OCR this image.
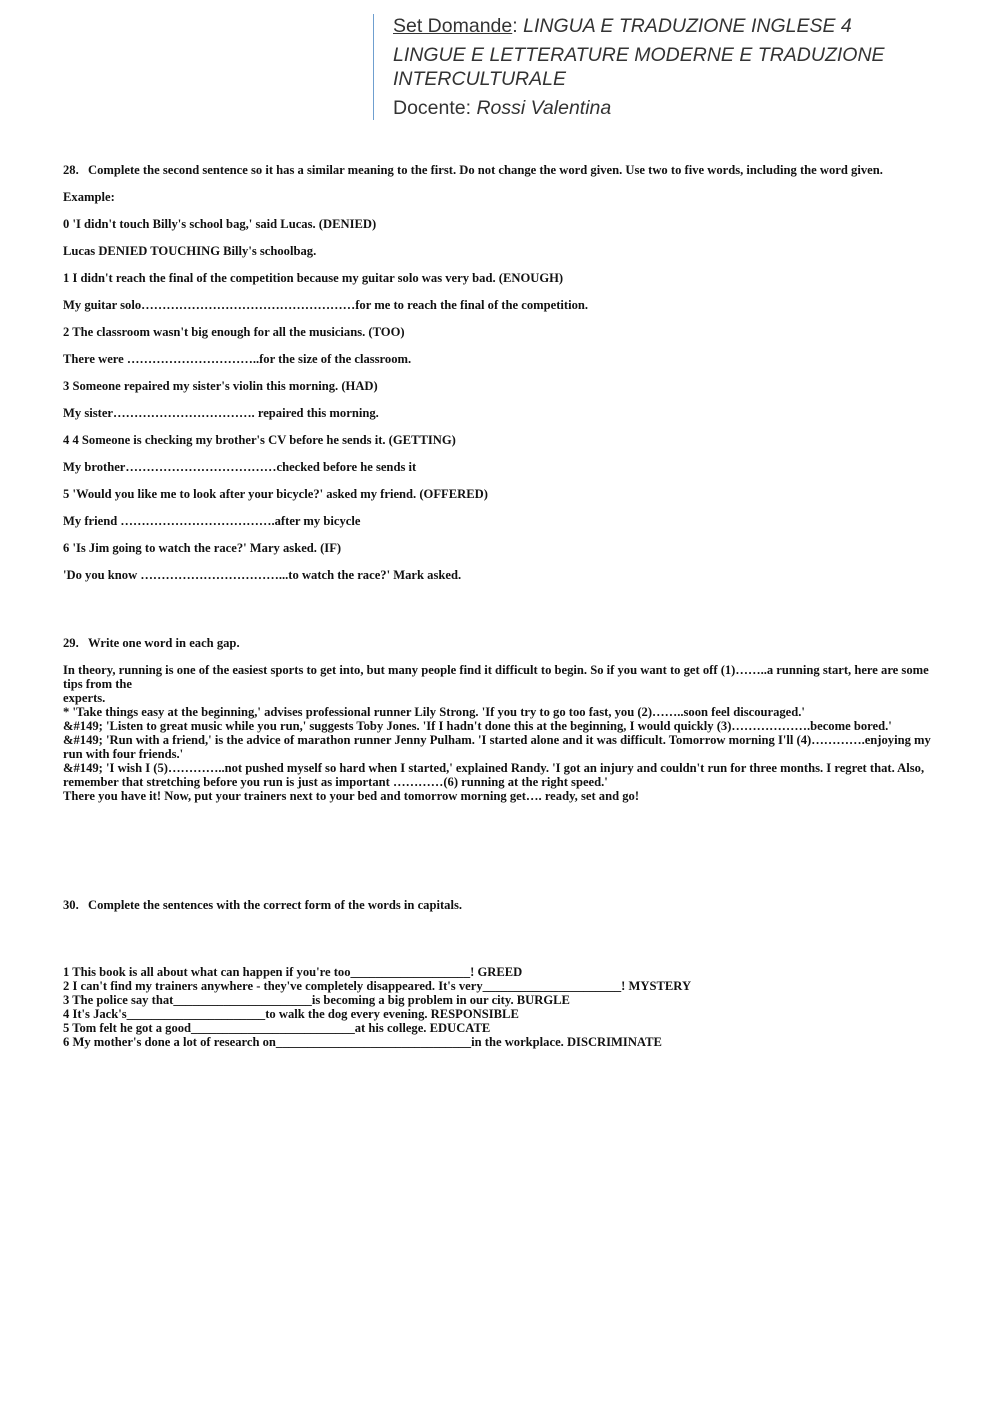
Set Domande: LINGUA E TRADUZIONE INGLESE 4
LINGUE E LETTERATURE MODERNE E TRADUZIONE INTERCULTURALE
Docente: Rossi Valentina

28. Complete the second sentence so it has a similar meaning to the first. Do not change the word given. Use two to five words, including the word given.

Example:

0 'I didn't touch Billy's school bag,' said Lucas. (DENIED)

Lucas DENIED TOUCHING Billy's schoolbag.

1 I didn't reach the final of the competition because my guitar solo was very bad. (ENOUGH)

My guitar solo……………………………………………for me to reach the final of the competition.

2 The classroom wasn't big enough for all the musicians. (TOO)

There were …………………………..for the size of the classroom.

3 Someone repaired my sister's violin this morning. (HAD)

My sister……………………………. repaired this morning.

4 4 Someone is checking my brother's CV before he sends it. (GETTING)

My brother………………………………checked before he sends it

5 'Would you like me to look after your bicycle?' asked my friend. (OFFERED)

My friend ……………………………….after my bicycle

6 'Is Jim going to watch the race?' Mary asked. (IF)

'Do you know ……………………………...to watch the race?' Mark asked.

29. Write one word in each gap.

In theory, running is one of the easiest sports to get into, but many people find it difficult to begin. So if you want to get off (1)……..a running start, here are some tips from the
experts.
* 'Take things easy at the beginning,' advises professional runner Lily Strong. 'If you try to go too fast, you (2)……..soon feel discouraged.'
&#149; 'Listen to great music while you run,' suggests Toby Jones. 'If I hadn't done this at the beginning, I would quickly (3)……………….become bored.'
&#149; 'Run with a friend,' is the advice of marathon runner Jenny Pulham. 'I started alone and it was difficult. Tomorrow morning I'll (4)………….enjoying my run with four friends.'
&#149; 'I wish I (5)…………..not pushed myself so hard when I started,' explained Randy. 'I got an injury and couldn't run for three months. I regret that. Also, remember that stretching before you run is just as important …………(6) running at the right speed.'
There you have it! Now, put your trainers next to your bed and tomorrow morning get…. ready, set and go!

30. Complete the sentences with the correct form of the words in capitals.

1 This book is all about what can happen if you're too___________________! GREED
2 I can't find my trainers anywhere - they've completely disappeared. It's very______________________! MYSTERY
3 The police say that______________________is becoming a big problem in our city. BURGLE
4 It's Jack's______________________to walk the dog every evening. RESPONSIBLE
5 Tom felt he got a good__________________________at his college. EDUCATE
6 My mother's done a lot of research on_______________________________in the workplace. DISCRIMINATE
